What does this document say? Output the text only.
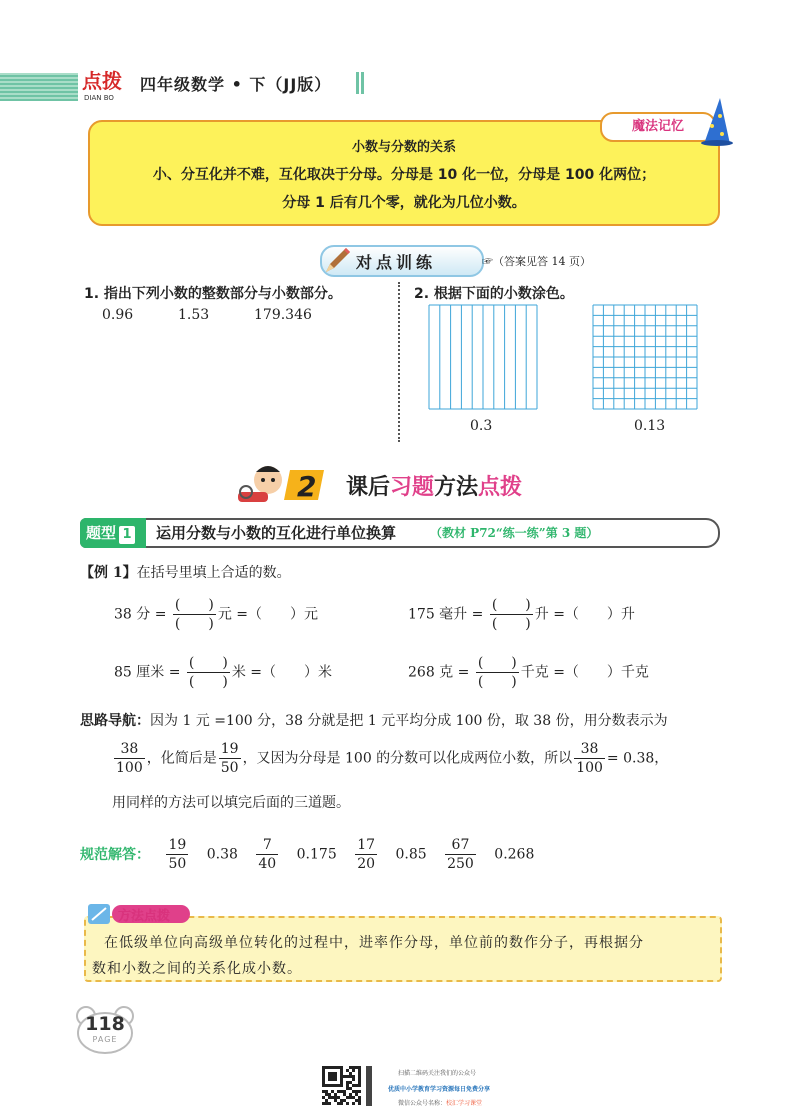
点拨
DIAN BO
四年级数学 • 下（JJ版）
小数与分数的关系
小、分互化并不难，互化取决于分母。分母是 10 化一位，分母是 100 化两位；
分母 1 后有几个零，就化为几位小数。
魔法记忆
对点训练	☞（答案见答 14 页）
1. 指出下列小数的整数部分与小数部分。
0.96	1.53	179.346
2. 根据下面的小数涂色。
0.3	0.13
2 课后习题方法点拨
题型 1	运用分数与小数的互化进行单位换算	（教材 P72“练一练”第 3 题）
【例 1】在括号里填上合适的数。
38 分 = $\frac{( )}{( )}$ 元 =（　　）元	175 毫升 = $\frac{( )}{( )}$ 升 =（　　）升
85 厘米 = $\frac{( )}{( )}$ 米 =（　　）米	268 克 = $\frac{( )}{( )}$ 千克 =（　　）千克
思路导航：因为 1 元 =100 分，38 分就是把 1 元平均分成 100 份，取 38 份，用分数表示为
$\frac{38}{100}$ ，化简后是 $\frac{19}{50}$ ，又因为分母是 100 的分数可以化成两位小数，所以 $\frac{38}{100} = 0.38$，
用同样的方法可以填完后面的三道题。
规范解答： $\frac{19}{50} 0.38 \frac{7}{40} 0.175 \frac{17}{20} 0.85 \frac{67}{250} 0.268$
方法点拨
在低级单位向高级单位转化的过程中，进率作分母，单位前的数作分子，再根据分
数和小数之间的关系化成小数。
118
PAGE
扫描二维码关注我们的公众号
优质中小学教育学习资源每日免费分享
微信公众号名称：校汇学习课堂
